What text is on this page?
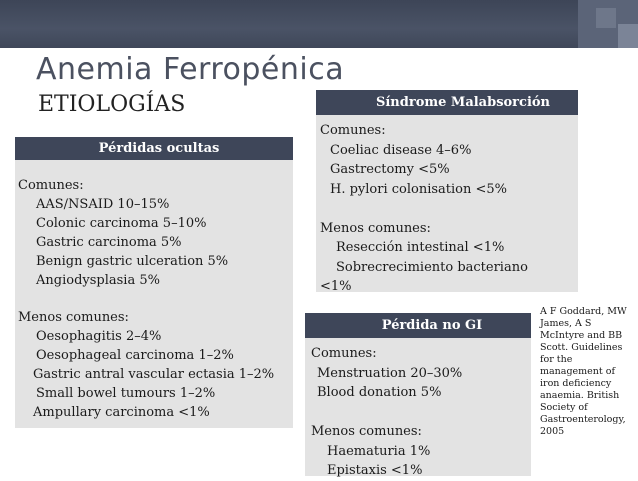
Anemia Ferropénica
ETIOLOGÍAS
Pérdidas ocultas
Comunes:
AAS/NSAID 10–15%
Colonic carcinoma 5–10%
Gastric carcinoma 5%
Benign gastric ulceration 5%
Angiodysplasia 5%
Menos comunes:
Oesophagitis 2–4%
Oesophageal carcinoma 1–2%
Gastric antral vascular ectasia 1–2%
Small bowel tumours 1–2%
Ampullary carcinoma <1%
Síndrome Malabsorción
Comunes:
Coeliac disease 4–6%
Gastrectomy <5%
H. pylori colonisation <5%
Menos comunes:
Resección intestinal <1%
Sobrecrecimiento bacteriano
<1%
Pérdida no GI
Comunes:
Menstruation 20–30%
Blood donation 5%
Menos comunes:
Haematuria 1%
Epistaxis <1%
A F Goddard, MW James, A S McIntyre and BB Scott. Guidelines for the management of iron deficiency anaemia. British Society of Gastroenterology, 2005
